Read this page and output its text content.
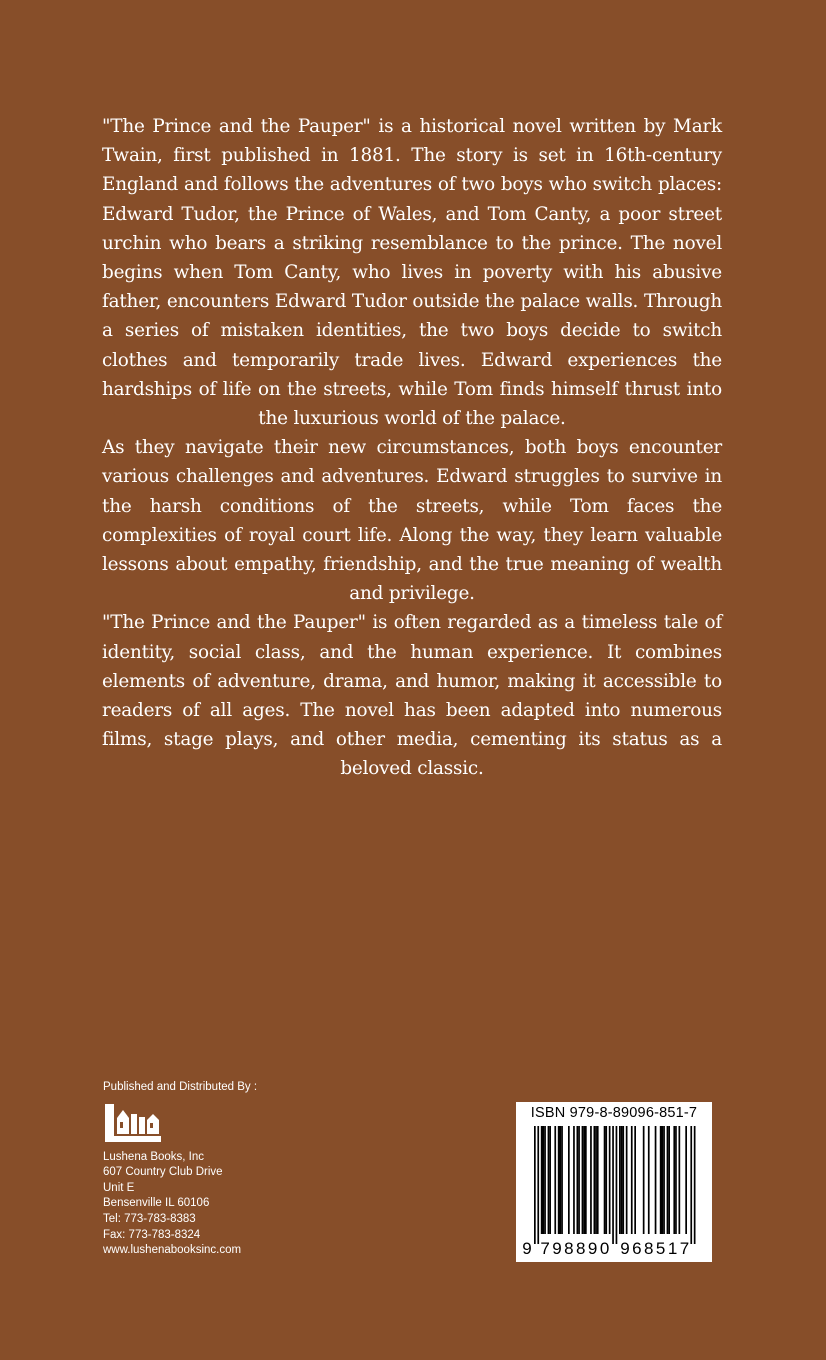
"The Prince and the Pauper" is a historical novel written by Mark Twain, first published in 1881. The story is set in 16th-century England and follows the adventures of two boys who switch places: Edward Tudor, the Prince of Wales, and Tom Canty, a poor street urchin who bears a striking resemblance to the prince. The novel begins when Tom Canty, who lives in poverty with his abusive father, encounters Edward Tudor outside the palace walls. Through a series of mistaken identities, the two boys decide to switch clothes and temporarily trade lives. Edward experiences the hardships of life on the streets, while Tom finds himself thrust into the luxurious world of the palace.

As they navigate their new circumstances, both boys encounter various challenges and adventures. Edward struggles to survive in the harsh conditions of the streets, while Tom faces the complexities of royal court life. Along the way, they learn valuable lessons about empathy, friendship, and the true meaning of wealth and privilege.

"The Prince and the Pauper" is often regarded as a timeless tale of identity, social class, and the human experience. It combines elements of adventure, drama, and humor, making it accessible to readers of all ages. The novel has been adapted into numerous films, stage plays, and other media, cementing its status as a beloved classic.

Published and Distributed By :
Lushena Books, Inc
607 Country Club Drive
Unit E
Bensenville IL 60106
Tel: 773-783-8383
Fax: 773-783-8324
www.lushenabooksinc.com
ISBN 979-8-89096-851-7
9 7 9 8 8 9 0 9 6 8 5 1 7
